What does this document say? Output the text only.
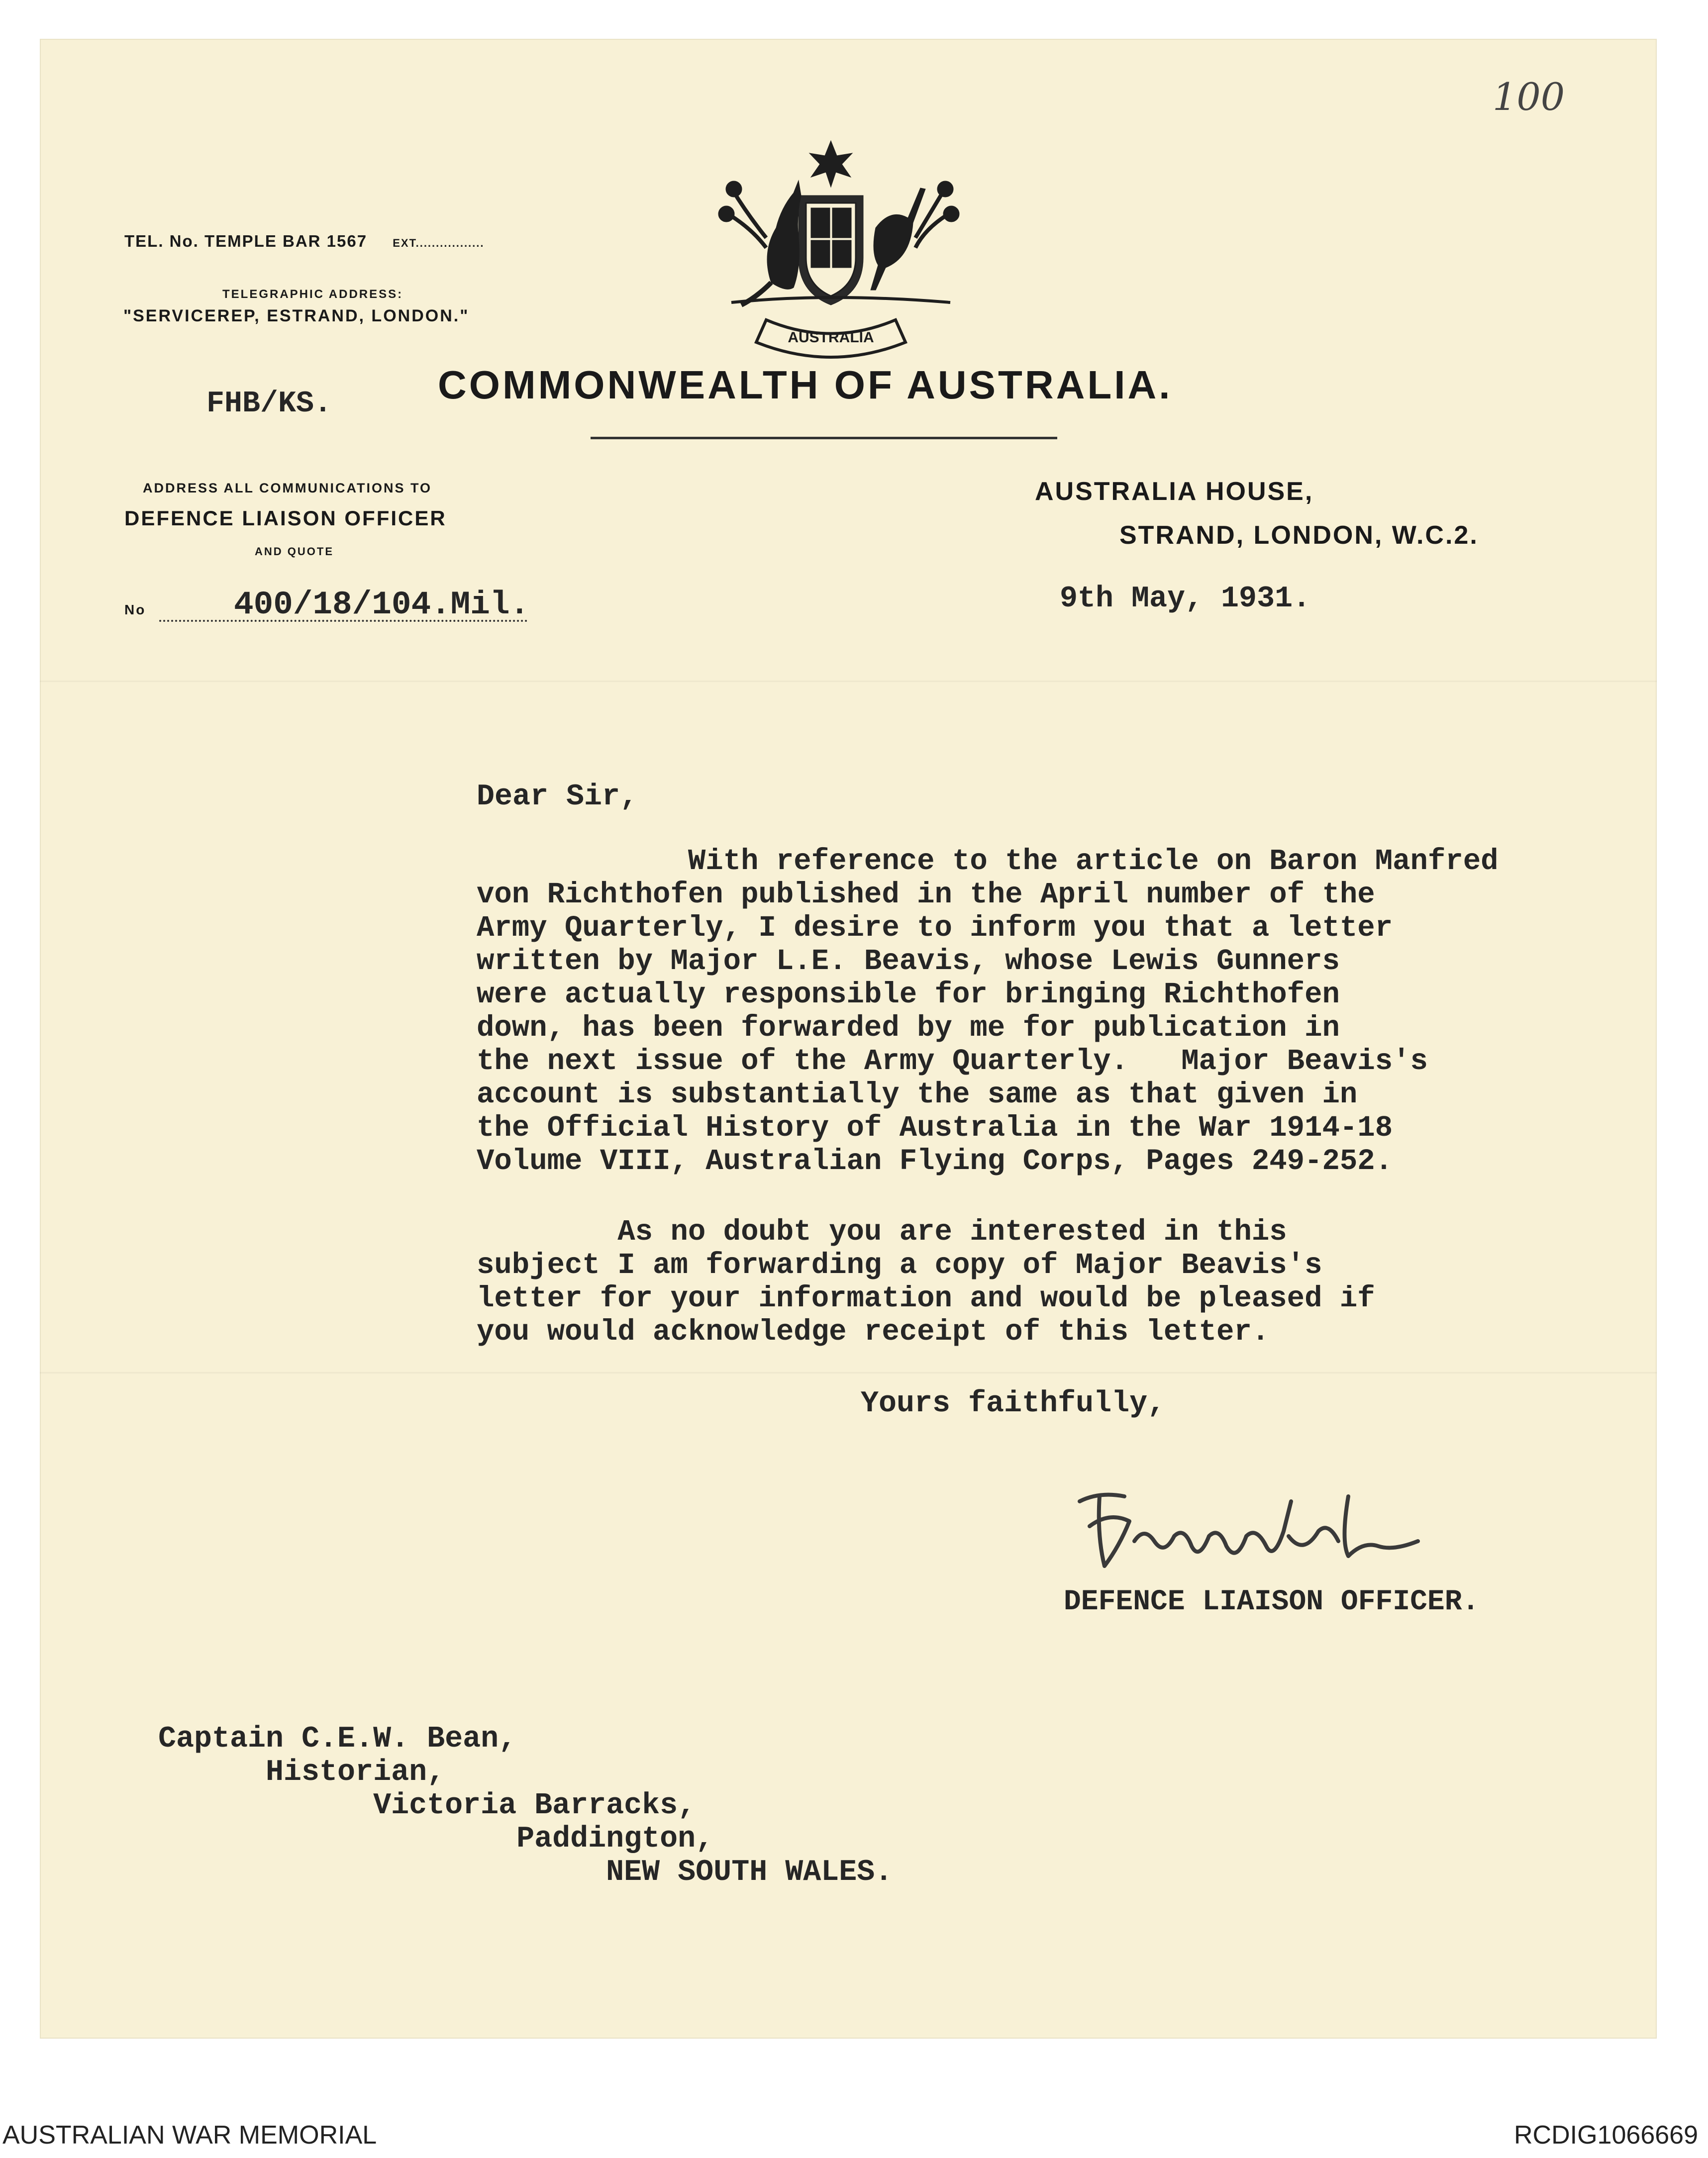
100
AUSTRALIA
TEL. No. TEMPLE BAR 1567 EXT.................
TELEGRAPHIC ADDRESS:
"SERVICEREP, ESTRAND, LONDON."
FHB/KS.	COMMONWEALTH OF AUSTRALIA.
ADDRESS ALL COMMUNICATIONS TO
DEFENCE LIAISON OFFICER
AND QUOTE
No	400/18/104.Mil.
AUSTRALIA HOUSE,
STRAND, LONDON, W.C.2.
9th May, 1931.
Dear Sir,
With reference to the article on Baron Manfred
von Richthofen published in the April number of the
Army Quarterly, I desire to inform you that a letter
written by Major L.E. Beavis, whose Lewis Gunners
were actually responsible for bringing Richthofen
down, has been forwarded by me for publication in
the next issue of the Army Quarterly.   Major Beavis's
account is substantially the same as that given in
the Official History of Australia in the War 1914-18
Volume VIII, Australian Flying Corps, Pages 249-252.
As no doubt you are interested in this
subject I am forwarding a copy of Major Beavis's
letter for your information and would be pleased if
you would acknowledge receipt of this letter.
Yours faithfully,
DEFENCE LIAISON OFFICER.
Captain C.E.W. Bean,
Historian,
Victoria Barracks,
Paddington,
NEW SOUTH WALES.
AUSTRALIAN WAR MEMORIAL	RCDIG1066669
